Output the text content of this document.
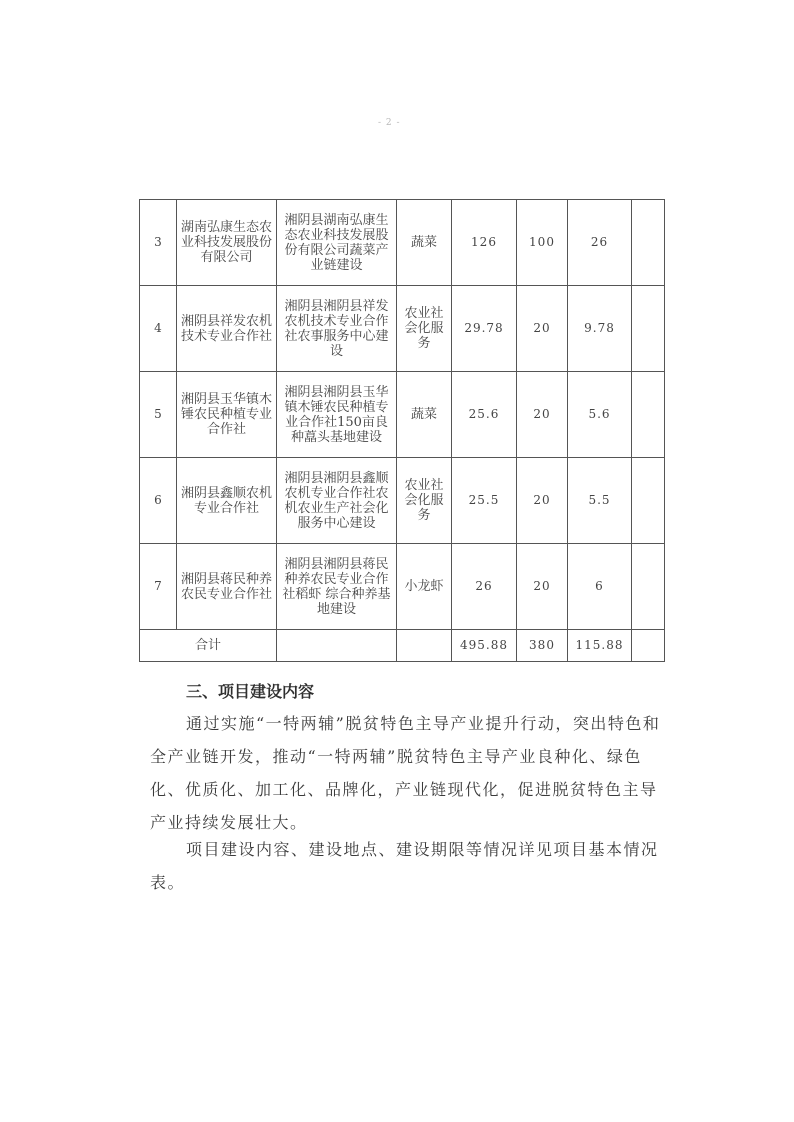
- 2 -
3	湖南弘康生态农业科技发展股份有限公司	湘阴县湖南弘康生态农业科技发展股份有限公司蔬菜产业链建设	蔬菜	126	100	26	
4	湘阴县祥发农机技术专业合作社	湘阴县湘阴县祥发农机技术专业合作社农事服务中心建设	农业社会化服务	29.78	20	9.78	
5	湘阴县玉华镇木锤农民种植专业合作社	湘阴县湘阴县玉华镇木锤农民种植专业合作社150亩良种藠头基地建设	蔬菜	25.6	20	5.6	
6	湘阴县鑫顺农机专业合作社	湘阴县湘阴县鑫顺农机专业合作社农机农业生产社会化服务中心建设	农业社会化服务	25.5	20	5.5	
7	湘阴县蒋民种养农民专业合作社	湘阴县湘阴县蒋民种养农民专业合作社稻虾 综合种养基地建设	小龙虾	26	20	6	
合计				495.88	380	115.88	
三、项目建设内容

通过实施“一特两辅”脱贫特色主导产业提升行动，突出特色和全产业链开发，推动“一特两辅”脱贫特色主导产业良种化、绿色化、优质化、加工化、品牌化，产业链现代化，促进脱贫特色主导产业持续发展壮大。

项目建设内容、建设地点、建设期限等情况详见项目基本情况表。
